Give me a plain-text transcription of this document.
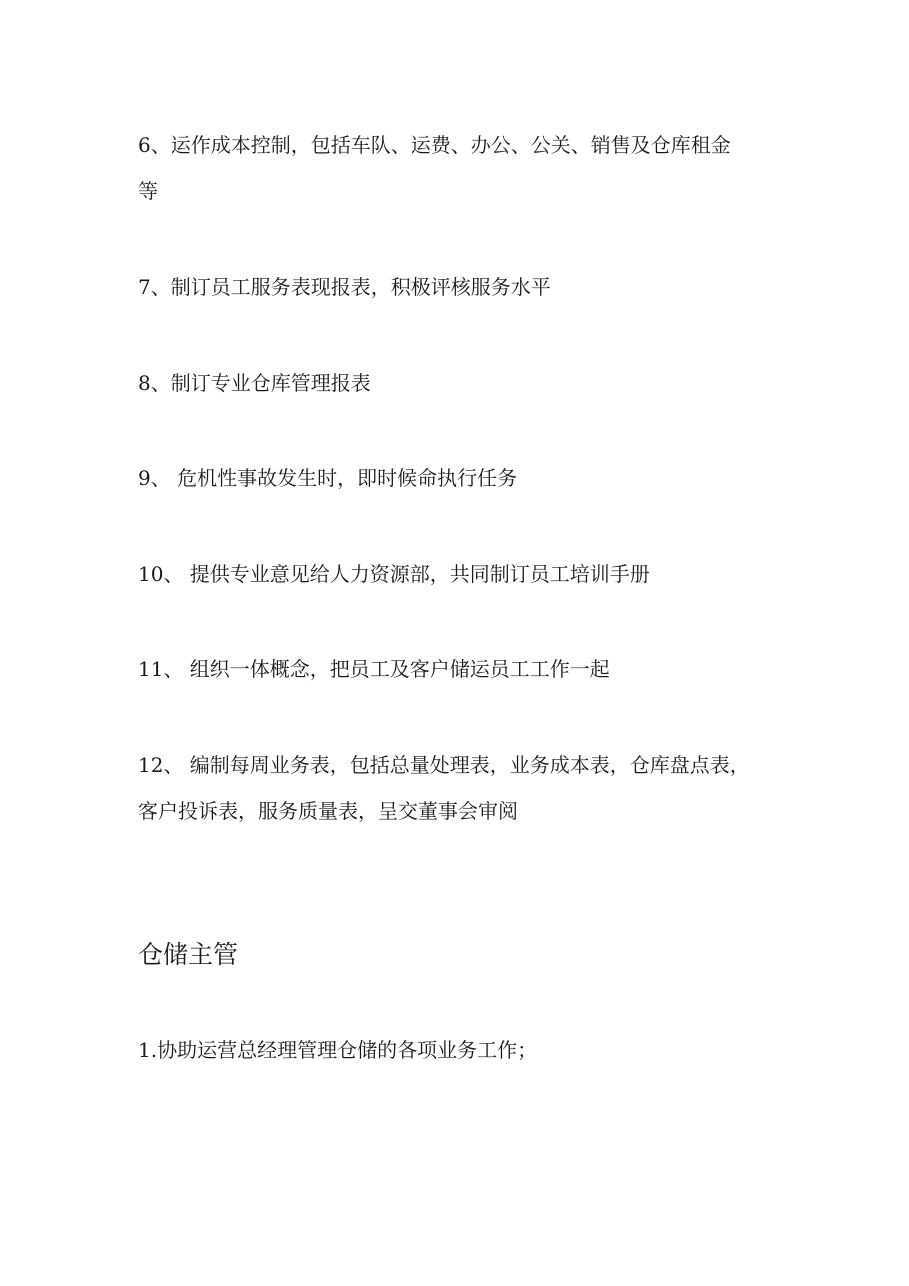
6、运作成本控制，包括车队、运费、办公、公关、销售及仓库租金
等
7、制订员工服务表现报表，积极评核服务水平
8、制订专业仓库管理报表
9、 危机性事故发生时，即时候命执行任务
10、 提供专业意见给人力资源部，共同制订员工培训手册
11、 组织一体概念，把员工及客户储运员工工作一起
12、 编制每周业务表，包括总量处理表，业务成本表，仓库盘点表，
客户投诉表，服务质量表，呈交董事会审阅
仓储主管
1.协助运营总经理管理仓储的各项业务工作；
